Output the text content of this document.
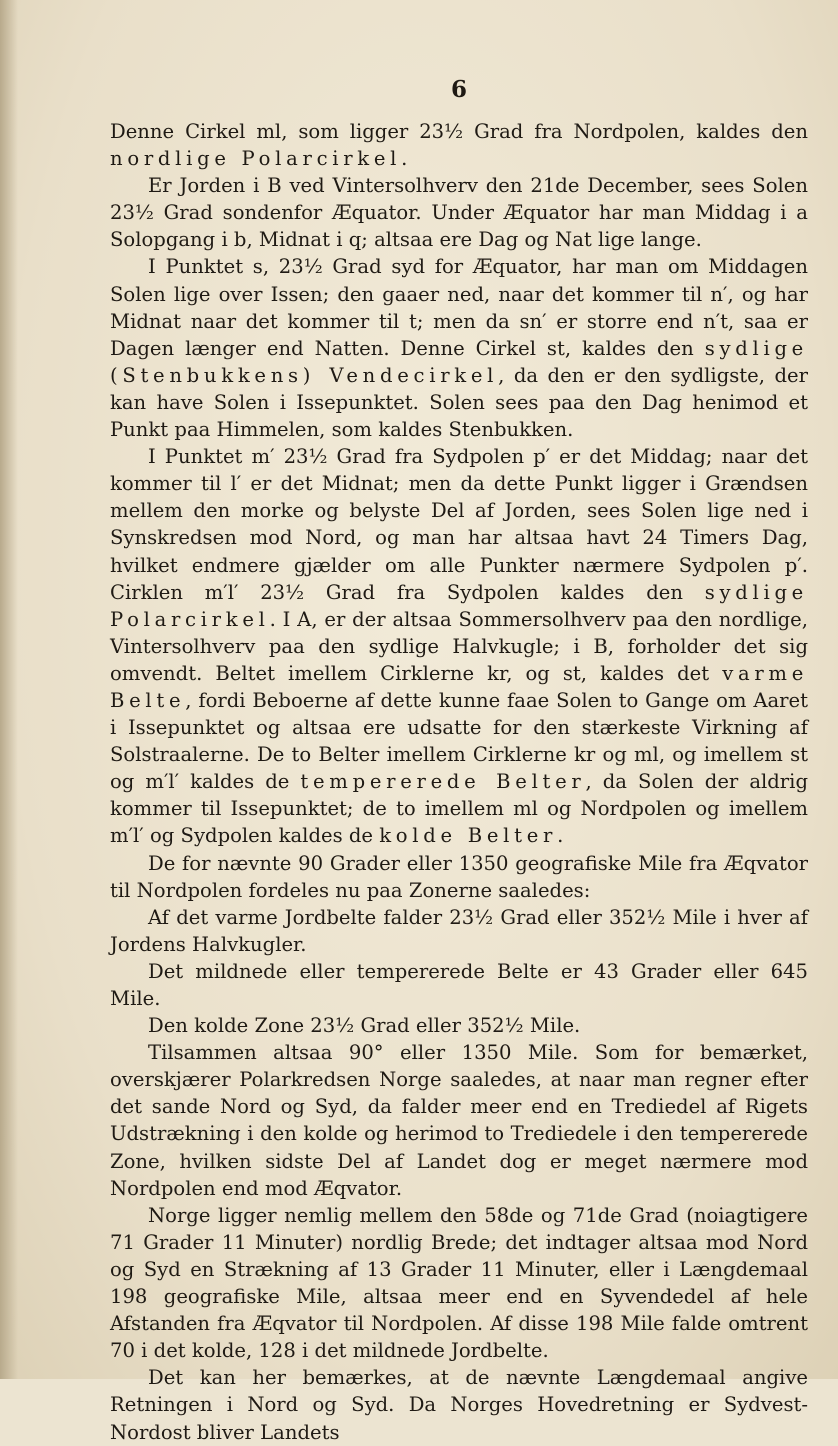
6

Denne Cirkel ml, som ligger 23½ Grad fra Nordpolen, kaldes den nordlige Polarcirkel.

Er Jorden i B ved Vintersolhverv den 21de December, sees Solen 23½ Grad sondenfor Æquator. Under Æquator har man Middag i a Solopgang i b, Midnat i q; altsaa ere Dag og Nat lige lange.

I Punktet s, 23½ Grad syd for Æquator, har man om Middagen Solen lige over Issen; den gaaer ned, naar det kommer til n′, og har Midnat naar det kommer til t; men da sn′ er storre end n′t, saa er Dagen længer end Natten. Denne Cirkel st, kaldes den sydlige (Stenbukkens) Vendecirkel, da den er den sydligste, der kan have Solen i Issepunktet. Solen sees paa den Dag henimod et Punkt paa Himmelen, som kaldes Stenbukken.

I Punktet m′ 23½ Grad fra Sydpolen p′ er det Middag; naar det kommer til l′ er det Midnat; men da dette Punkt ligger i Grændsen mellem den morke og belyste Del af Jorden, sees Solen lige ned i Synskredsen mod Nord, og man har altsaa havt 24 Timers Dag, hvilket endmere gjælder om alle Punkter nærmere Sydpolen p′. Cirklen m′l′ 23½ Grad fra Sydpolen kaldes den sydlige Polarcirkel. I A, er der altsaa Sommersolhverv paa den nordlige, Vintersolhverv paa den sydlige Halvkugle; i B, forholder det sig omvendt. Beltet imellem Cirklerne kr, og st, kaldes det varme Belte, fordi Beboerne af dette kunne faae Solen to Gange om Aaret i Issepunktet og altsaa ere udsatte for den stærkeste Virkning af Solstraalerne. De to Belter imellem Cirklerne kr og ml, og imellem st og m′l′ kaldes de tempererede Belter, da Solen der aldrig kommer til Issepunktet; de to imellem ml og Nordpolen og imellem m′l′ og Sydpolen kaldes de kolde Belter.

De for nævnte 90 Grader eller 1350 geografiske Mile fra Æqvator til Nordpolen fordeles nu paa Zonerne saaledes:

Af det varme Jordbelte falder 23½ Grad eller 352½ Mile i hver af Jordens Halvkugler.

Det mildnede eller tempererede Belte er 43 Grader eller 645 Mile.

Den kolde Zone 23½ Grad eller 352½ Mile.

Tilsammen altsaa 90° eller 1350 Mile. Som for bemærket, overskjærer Polarkredsen Norge saaledes, at naar man regner efter det sande Nord og Syd, da falder meer end en Trediedel af Rigets Udstrækning i den kolde og herimod to Trediedele i den tempererede Zone, hvilken sidste Del af Landet dog er meget nærmere mod Nordpolen end mod Æqvator.

Norge ligger nemlig mellem den 58de og 71de Grad (noiagtigere 71 Grader 11 Minuter) nordlig Brede; det indtager altsaa mod Nord og Syd en Strækning af 13 Grader 11 Minuter, eller i Længdemaal 198 geografiske Mile, altsaa meer end en Syvendedel af hele Afstanden fra Æqvator til Nordpolen. Af disse 198 Mile falde omtrent 70 i det kolde, 128 i det mildnede Jordbelte.

Det kan her bemærkes, at de nævnte Længdemaal angive Retningen i Nord og Syd. Da Norges Hovedretning er Sydvest-Nordost bliver Landets
